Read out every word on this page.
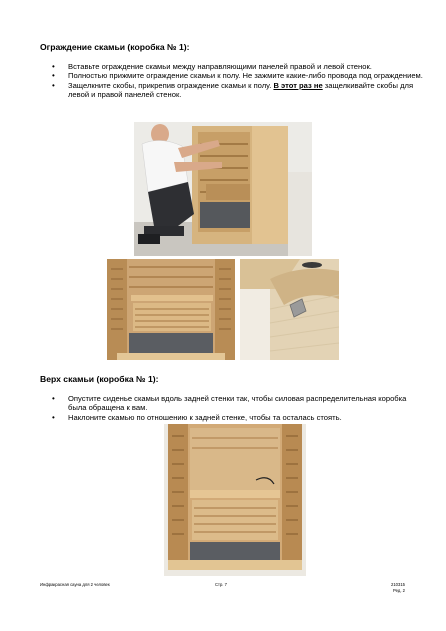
Ограждение скамьи (коробка № 1):
• Вставьте ограждение скамьи между направляющими панелей правой и левой стенок.
• Полностью прижмите ограждение скамьи к полу. Не зажмите какие-либо провода под ограждением.
• Защелкните скобы, прикрепив ограждение скамьи к полу. В этот раз не защелкивайте скобы для левой и правой панелей стенок.
Верх скамьи (коробка № 1):
• Опустите сиденье скамьи вдоль задней стенки так, чтобы силовая распределительная коробка была обращена к вам.
• Наклоните скамью по отношению к задней стенке, чтобы та осталась стоять.
Инфракрасная сауна для 2 человек	Стр. 7	210315
Ред. 2
